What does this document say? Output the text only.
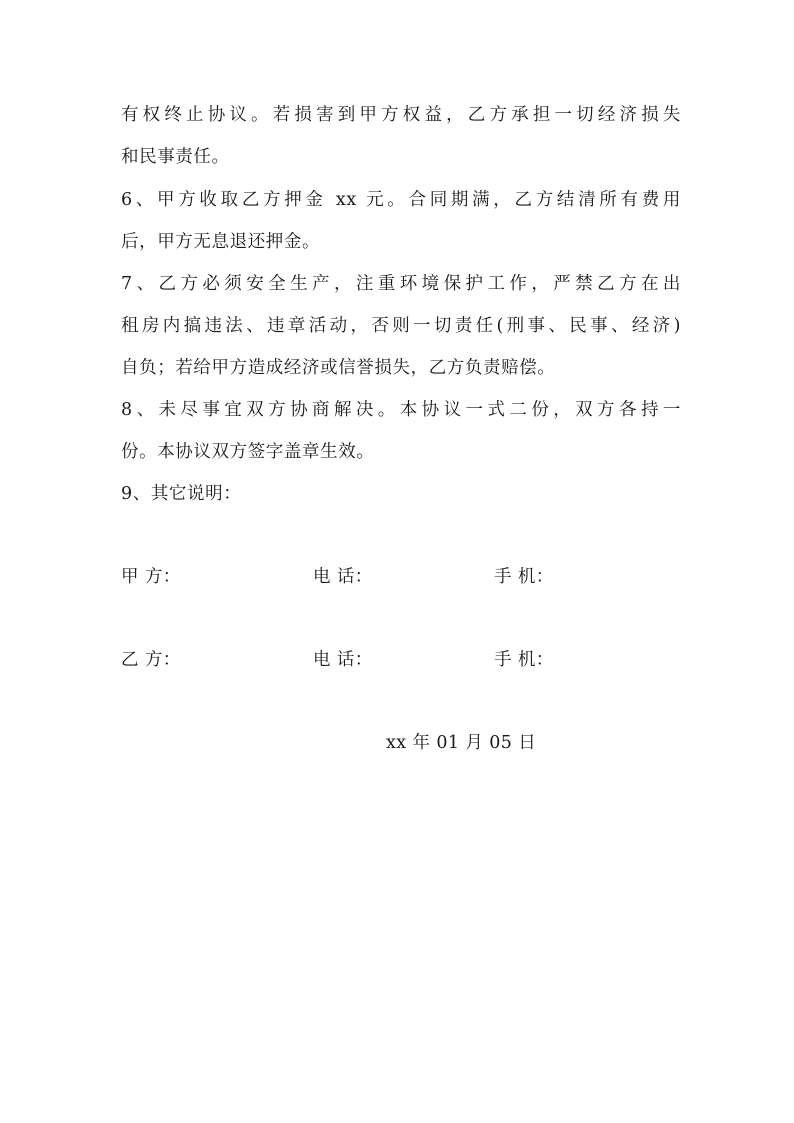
有权终止协议。若损害到甲方权益，乙方承担一切经济损失
和民事责任。
6、甲方收取乙方押金 xx 元。合同期满，乙方结清所有费用
后，甲方无息退还押金。
7、乙方必须安全生产，注重环境保护工作，严禁乙方在出
租房内搞违法、违章活动，否则一切责任(刑事、民事、经济)
自负；若给甲方造成经济或信誉损失，乙方负责赔偿。
8、未尽事宜双方协商解决。本协议一式二份，双方各持一
份。本协议双方签字盖章生效。
9、其它说明：
甲 方：	电 话：	手 机：
乙 方：	电 话：	手 机：
xx 年 01 月 05 日
